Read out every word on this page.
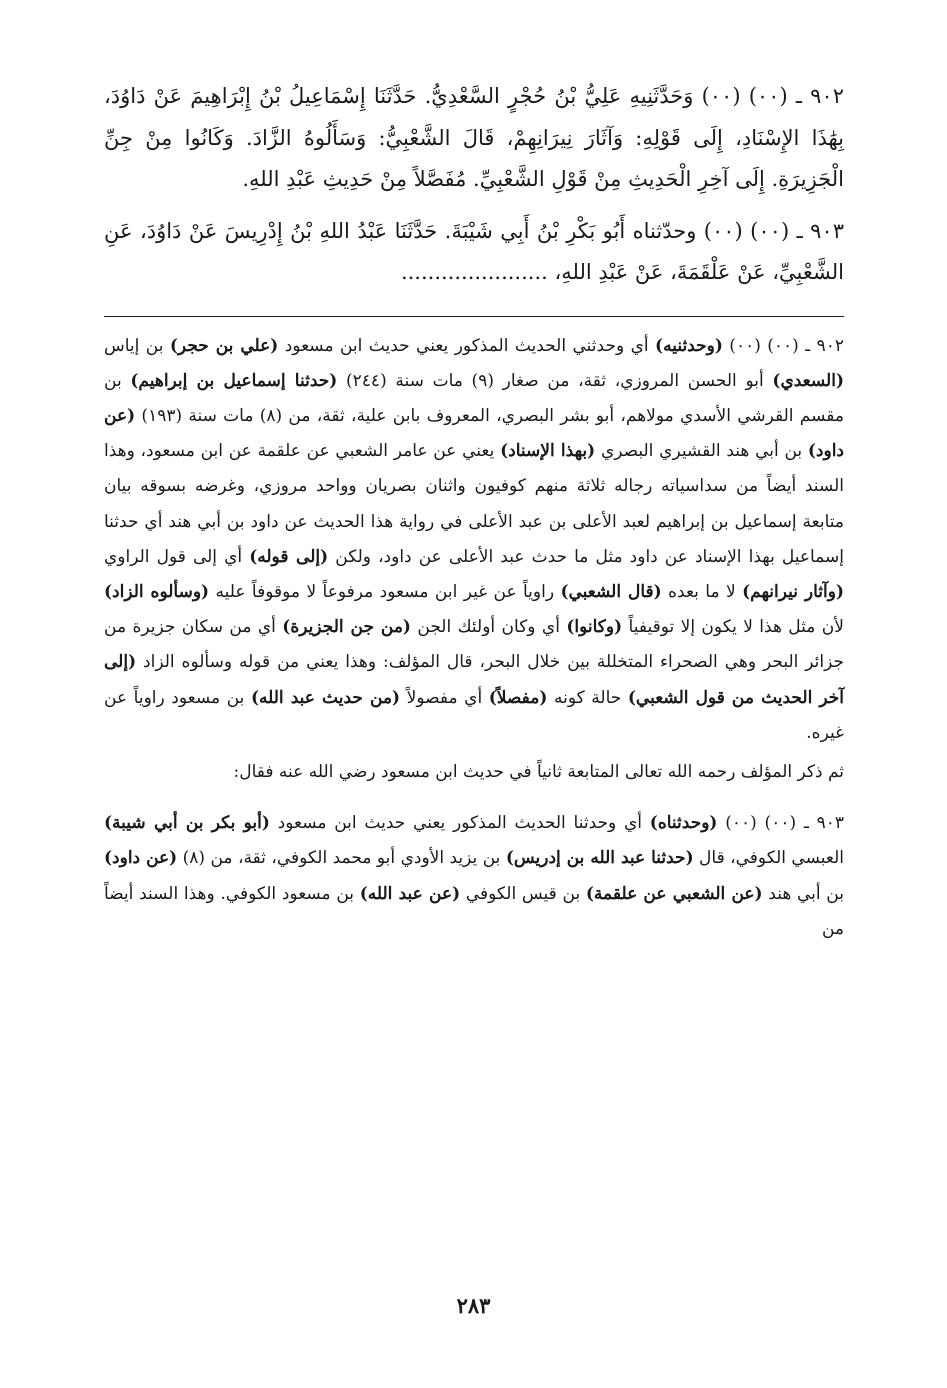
٩٠٢ ـ (٠٠) (٠٠) وَحَدَّثَنِيهِ عَلِيُّ بْنُ حُجْرٍ السَّعْدِيُّ. حَدَّثَنَا إِسْمَاعِيلُ بْنُ إِبْرَاهِيمَ عَنْ دَاوُدَ، بِهَٰذَا الإِسْنَادِ، إِلَى قَوْلِهِ: وَآثَارَ نِيرَانِهِمْ، قَالَ الشَّعْبِيُّ: وَسَأَلُوهُ الزَّادَ. وَكَانُوا مِنْ جِنِّ الْجَزِيرَةِ. إِلَى آخِرِ الْحَدِيثِ مِنْ قَوْلِ الشَّعْبِيِّ. مُفَصَّلاً مِنْ حَدِيثِ عَبْدِ اللهِ.

٩٠٣ ـ (٠٠) (٠٠) وحدّثناه أَبُو بَكْرِ بْنُ أَبِي شَيْبَةَ. حَدَّثَنَا عَبْدُ اللهِ بْنُ إِدْرِيسَ عَنْ دَاوُدَ، عَنِ الشَّعْبِيِّ، عَنْ عَلْقَمَةَ، عَنْ عَبْدِ اللهِ، ......................

٩٠٢ ـ (٠٠) (٠٠) (وحدثنيه) أي وحدثني الحديث المذكور يعني حديث ابن مسعود (علي بن حجر) بن إياس (السعدي) أبو الحسن المروزي، ثقة، من صغار (٩) مات سنة (٢٤٤) (حدثنا إسماعيل بن إبراهيم) بن مقسم القرشي الأسدي مولاهم، أبو بشر البصري، المعروف بابن علية، ثقة، من (٨) مات سنة (١٩٣) (عن داود) بن أبي هند القشيري البصري (بهذا الإسناد) يعني عن عامر الشعبي عن علقمة عن ابن مسعود، وهذا السند أيضاً من سداسياته رجاله ثلاثة منهم كوفيون واثنان بصريان وواحد مروزي، وغرضه بسوقه بيان متابعة إسماعيل بن إبراهيم لعبد الأعلى بن عبد الأعلى في رواية هذا الحديث عن داود بن أبي هند أي حدثنا إسماعيل بهذا الإسناد عن داود مثل ما حدث عبد الأعلى عن داود، ولكن (إلى قوله) أي إلى قول الراوي (وآثار نيرانهم) لا ما بعده (قال الشعبي) راوياً عن غير ابن مسعود مرفوعاً لا موقوفاً عليه (وسألوه الزاد) لأن مثل هذا لا يكون إلا توقيفياً (وكانوا) أي وكان أولئك الجن (من جن الجزيرة) أي من سكان جزيرة من جزائر البحر وهي الصحراء المتخللة بين خلال البحر، قال المؤلف: وهذا يعني من قوله وسألوه الزاد (إلى آخر الحديث من قول الشعبي) حالة كونه (مفصلاً) أي مفصولاً (من حديث عبد الله) بن مسعود راوياً عن غيره.

ثم ذكر المؤلف رحمه الله تعالى المتابعة ثانياً في حديث ابن مسعود رضي الله عنه فقال:

٩٠٣ ـ (٠٠) (٠٠) (وحدثناه) أي وحدثنا الحديث المذكور يعني حديث ابن مسعود (أبو بكر بن أبي شيبة) العبسي الكوفي، قال (حدثنا عبد الله بن إدريس) بن يزيد الأودي أبو محمد الكوفي، ثقة، من (٨) (عن داود) بن أبي هند (عن الشعبي عن علقمة) بن قيس الكوفي (عن عبد الله) بن مسعود الكوفي. وهذا السند أيضاً من

٢٨٣
